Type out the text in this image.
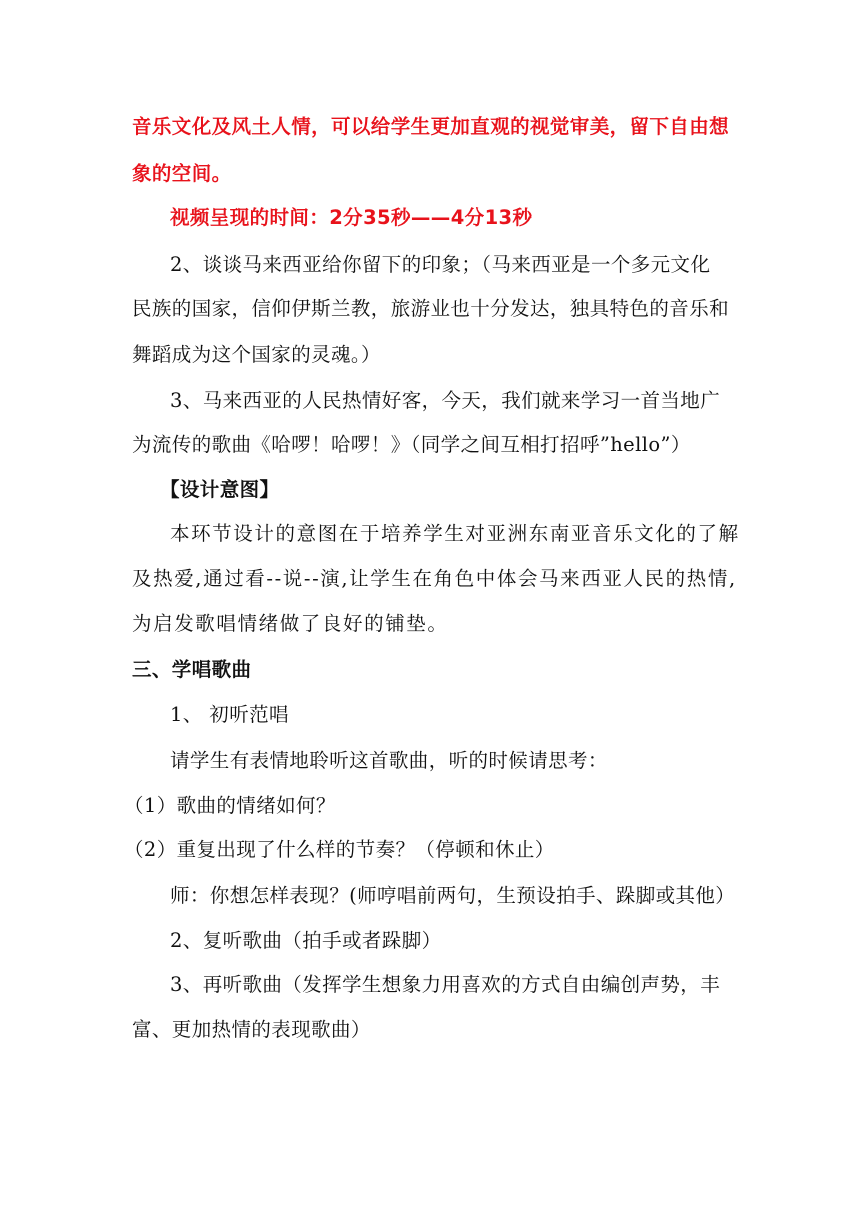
音乐文化及风土人情，可以给学生更加直观的视觉审美，留下自由想
象的空间。
视频呈现的时间：2分35秒——4分13秒
2、谈谈马来西亚给你留下的印象；（马来西亚是一个多元文化
民族的国家，信仰伊斯兰教，旅游业也十分发达，独具特色的音乐和
舞蹈成为这个国家的灵魂。）
3、马来西亚的人民热情好客，今天，我们就来学习一首当地广
为流传的歌曲《哈啰！哈啰！》（同学之间互相打招呼”hello”）
【设计意图】
本环节设计的意图在于培养学生对亚洲东南亚音乐文化的了解
及热爱,通过看--说--演,让学生在角色中体会马来西亚人民的热情,
为启发歌唱情绪做了良好的铺垫。
三、学唱歌曲
1、 初听范唱
请学生有表情地聆听这首歌曲，听的时候请思考：
（1）歌曲的情绪如何？
（2）重复出现了什么样的节奏？（停顿和休止）
师：你想怎样表现？(师哼唱前两句，生预设拍手、跺脚或其他）
2、复听歌曲（拍手或者跺脚）
3、再听歌曲（发挥学生想象力用喜欢的方式自由编创声势，丰
富、更加热情的表现歌曲）
